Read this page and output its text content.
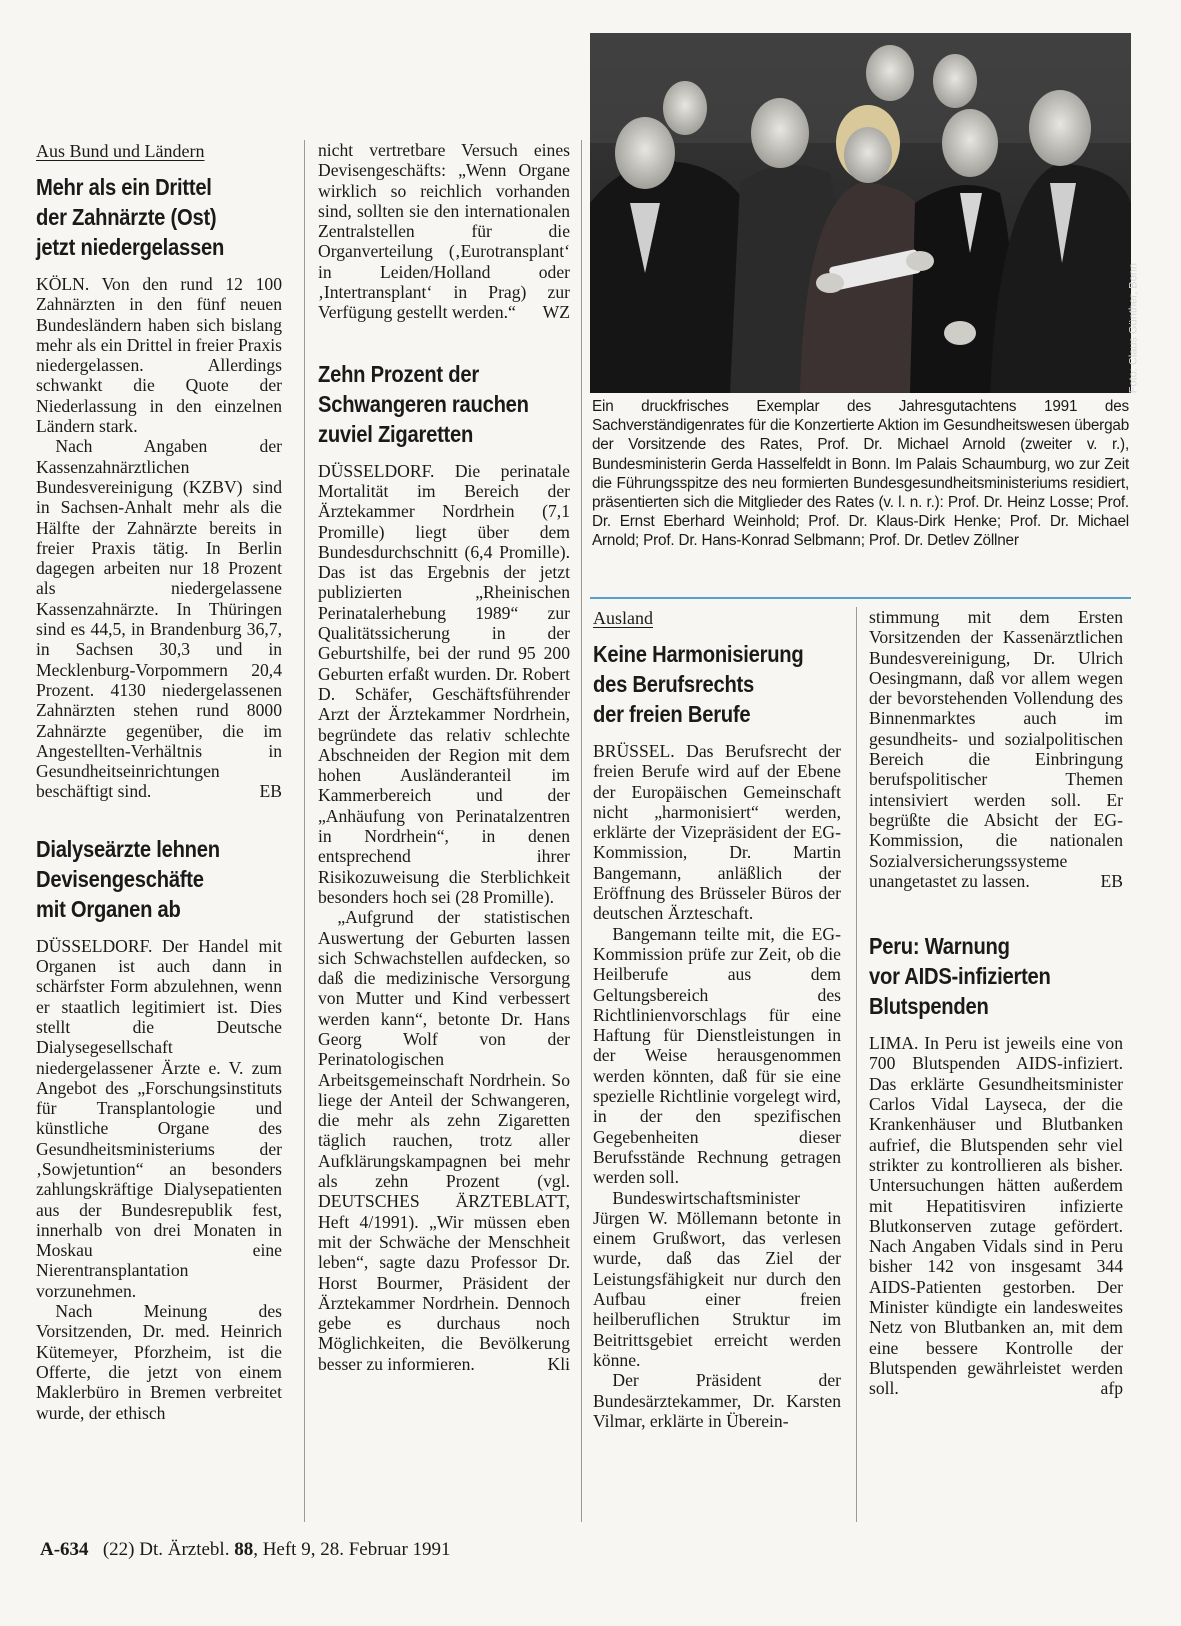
Aus Bund und Ländern

Mehr als ein Drittel
der Zahnärzte (Ost)
jetzt niedergelassen

KÖLN. Von den rund 12 100 Zahnärzten in den fünf neuen Bundesländern haben sich bislang mehr als ein Drittel in freier Praxis niedergelassen. Allerdings schwankt die Quote der Niederlassung in den einzelnen Ländern stark.

Nach Angaben der Kassenzahnärztlichen Bundesvereinigung (KZBV) sind in Sachsen-Anhalt mehr als die Hälfte der Zahnärzte bereits in freier Praxis tätig. In Berlin dagegen arbeiten nur 18 Prozent als niedergelassene Kassenzahnärzte. In Thüringen sind es 44,5, in Brandenburg 36,7, in Sachsen 30,3 und in Mecklenburg-Vorpommern 20,4 Prozent. 4130 niedergelassenen Zahnärzten stehen rund 8000 Zahnärzte gegenüber, die im Angestellten-Verhältnis in Gesundheitseinrichtungen beschäftigt sind.	EB

Dialyseärzte lehnen
Devisengeschäfte
mit Organen ab

DÜSSELDORF. Der Handel mit Organen ist auch dann in schärfster Form abzulehnen, wenn er staatlich legitimiert ist. Dies stellt die Deutsche Dialysegesellschaft niedergelassener Ärzte e. V. zum Angebot des „Forschungsinstituts für Transplantologie und künstliche Organe des Gesundheitsministeriums der ‚Sowjetuntion“ an besonders zahlungskräftige Dialysepatienten aus der Bundesrepublik fest, innerhalb von drei Monaten in Moskau eine Nierentransplantation vorzunehmen.

Nach Meinung des Vorsitzenden, Dr. med. Heinrich Kütemeyer, Pforzheim, ist die Offerte, die jetzt von einem Maklerbüro in Bremen verbreitet wurde, der ethisch

nicht vertretbare Versuch eines Devisengeschäfts: „Wenn Organe wirklich so reichlich vorhanden sind, sollten sie den internationalen Zentralstellen für die Organverteilung (‚Eurotransplant‘ in Leiden/Holland oder ‚Intertransplant‘ in Prag) zur Verfügung gestellt werden.“ WZ

Zehn Prozent der
Schwangeren rauchen
zuviel Zigaretten

DÜSSELDORF. Die perinatale Mortalität im Bereich der Ärztekammer Nordrhein (7,1 Promille) liegt über dem Bundesdurchschnitt (6,4 Promille). Das ist das Ergebnis der jetzt publizierten „Rheinischen Perinatalerhebung 1989“ zur Qualitätssicherung in der Geburtshilfe, bei der rund 95 200 Geburten erfaßt wurden. Dr. Robert D. Schäfer, Geschäftsführender Arzt der Ärztekammer Nordrhein, begründete das relativ schlechte Abschneiden der Region mit dem hohen Ausländeranteil im Kammerbereich und der „Anhäufung von Perinatalzentren in Nordrhein“, in denen entsprechend ihrer Risikozuweisung die Sterblichkeit besonders hoch sei (28 Promille).

„Aufgrund der statistischen Auswertung der Geburten lassen sich Schwachstellen aufdecken, so daß die medizinische Versorgung von Mutter und Kind verbessert werden kann“, betonte Dr. Hans Georg Wolf von der Perinatologischen Arbeitsgemeinschaft Nordrhein. So liege der Anteil der Schwangeren, die mehr als zehn Zigaretten täglich rauchen, trotz aller Aufklärungskampagnen bei mehr als zehn Prozent (vgl. DEUTSCHES ÄRZTEBLATT, Heft 4/1991). „Wir müssen eben mit der Schwäche der Menschheit leben“, sagte dazu Professor Dr. Horst Bourmer, Präsident der Ärztekammer Nordrhein. Dennoch gebe es durchaus noch Möglichkeiten, die Bevölkerung besser zu informieren.	Kli

Foto: Claus Günther, Bonn

Ein druckfrisches Exemplar des Jahresgutachtens 1991 des Sachverständigenrates für die Konzertierte Aktion im Gesundheitswesen übergab der Vorsitzende des Rates, Prof. Dr. Michael Arnold (zweiter v. r.), Bundesministerin Gerda Hasselfeldt in Bonn. Im Palais Schaumburg, wo zur Zeit die Führungsspitze des neu formierten Bundesgesundheitsministeriums residiert, präsentierten sich die Mitglieder des Rates (v. l. n. r.): Prof. Dr. Heinz Losse; Prof. Dr. Ernst Eberhard Weinhold; Prof. Dr. Klaus-Dirk Henke; Prof. Dr. Michael Arnold; Prof. Dr. Hans-Konrad Selbmann; Prof. Dr. Detlev Zöllner

Ausland

Keine Harmonisierung
des Berufsrechts
der freien Berufe

BRÜSSEL. Das Berufsrecht der freien Berufe wird auf der Ebene der Europäischen Gemeinschaft nicht „harmonisiert“ werden, erklärte der Vizepräsident der EG-Kommission, Dr. Martin Bangemann, anläßlich der Eröffnung des Brüsseler Büros der deutschen Ärzteschaft.

Bangemann teilte mit, die EG-Kommission prüfe zur Zeit, ob die Heilberufe aus dem Geltungsbereich des Richtlinienvorschlags für eine Haftung für Dienstleistungen in der Weise herausgenommen werden könnten, daß für sie eine spezielle Richtlinie vorgelegt wird, in der den spezifischen Gegebenheiten dieser Berufsstände Rechnung getragen werden soll.

Bundeswirtschaftsminister Jürgen W. Möllemann betonte in einem Grußwort, das verlesen wurde, daß das Ziel der Leistungsfähigkeit nur durch den Aufbau einer freien heilberuflichen Struktur im Beitrittsgebiet erreicht werden könne.

Der Präsident der Bundesärztekammer, Dr. Karsten Vilmar, erklärte in Überein-

stimmung mit dem Ersten Vorsitzenden der Kassenärztlichen Bundesvereinigung, Dr. Ulrich Oesingmann, daß vor allem wegen der bevorstehenden Vollendung des Binnenmarktes auch im gesundheits- und sozialpolitischen Bereich die Einbringung berufspolitischer Themen intensiviert werden soll. Er begrüßte die Absicht der EG-Kommission, die nationalen Sozialversicherungssysteme unangetastet zu lassen.	EB

Peru: Warnung
vor AIDS-infizierten
Blutspenden

LIMA. In Peru ist jeweils eine von 700 Blutspenden AIDS-infiziert. Das erklärte Gesundheitsminister Carlos Vidal Layseca, der die Krankenhäuser und Blutbanken aufrief, die Blutspenden sehr viel strikter zu kontrollieren als bisher. Untersuchungen hätten außerdem mit Hepatitisviren infizierte Blutkonserven zutage gefördert. Nach Angaben Vidals sind in Peru bisher 142 von insgesamt 344 AIDS-Patienten gestorben. Der Minister kündigte ein landesweites Netz von Blutbanken an, mit dem eine bessere Kontrolle der Blutspenden gewährleistet werden soll.	afp

A-634 (22) Dt. Ärztebl. 88, Heft 9, 28. Februar 1991
